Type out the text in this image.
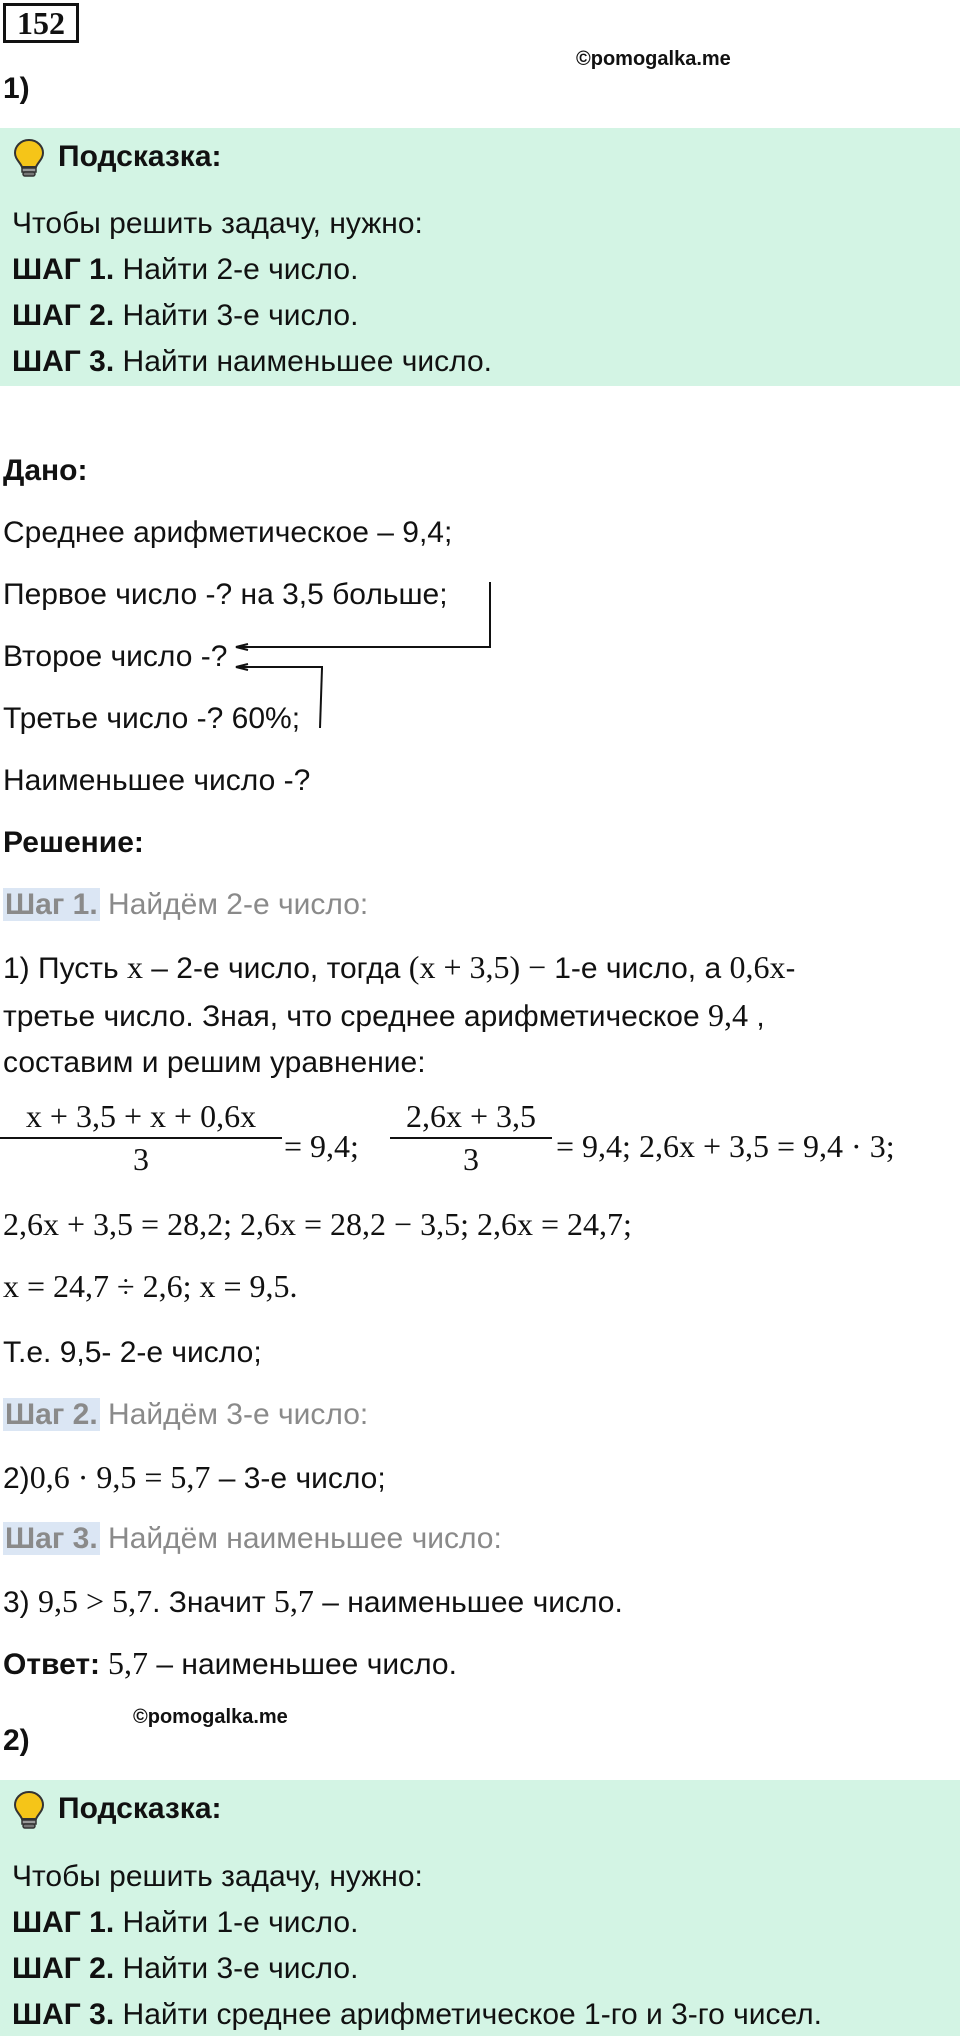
152
©pomogalka.me
1)
Подсказка:
Чтобы решить задачу, нужно:
ШАГ 1. Найти 2-е число.
ШАГ 2. Найти 3-е число.
ШАГ 3. Найти наименьшее число.
Дано:
Среднее арифметическое – 9,4;
Первое число -? на 3,5 больше;
Второе число -?
Третье число -? 60%;
Наименьшее число -?
Решение:
Шаг 1. Найдём 2-е число:
1) Пусть x – 2-е число, тогда (x + 3,5) − 1-е число, а 0,6x-
третье число. Зная, что среднее арифметическое 9,4 ,
составим и решим уравнение:
x + 3,5 + x + 0,6x
3	= 9,4;
2,6x + 3,5
3	= 9,4; 2,6x + 3,5 = 9,4 · 3;
2,6x + 3,5 = 28,2; 2,6x = 28,2 − 3,5; 2,6x = 24,7;
x = 24,7 ÷ 2,6; x = 9,5.
Т.е. 9,5- 2-е число;
Шаг 2. Найдём 3-е число:
2)0,6 · 9,5 = 5,7 – 3-е число;
Шаг 3. Найдём наименьшее число:
3) 9,5 > 5,7. Значит 5,7 – наименьшее число.
Ответ: 5,7 – наименьшее число.
©pomogalka.me
2)
Подсказка:
Чтобы решить задачу, нужно:
ШАГ 1. Найти 1-е число.
ШАГ 2. Найти 3-е число.
ШАГ 3. Найти среднее арифметическое 1-го и 3-го чисел.
